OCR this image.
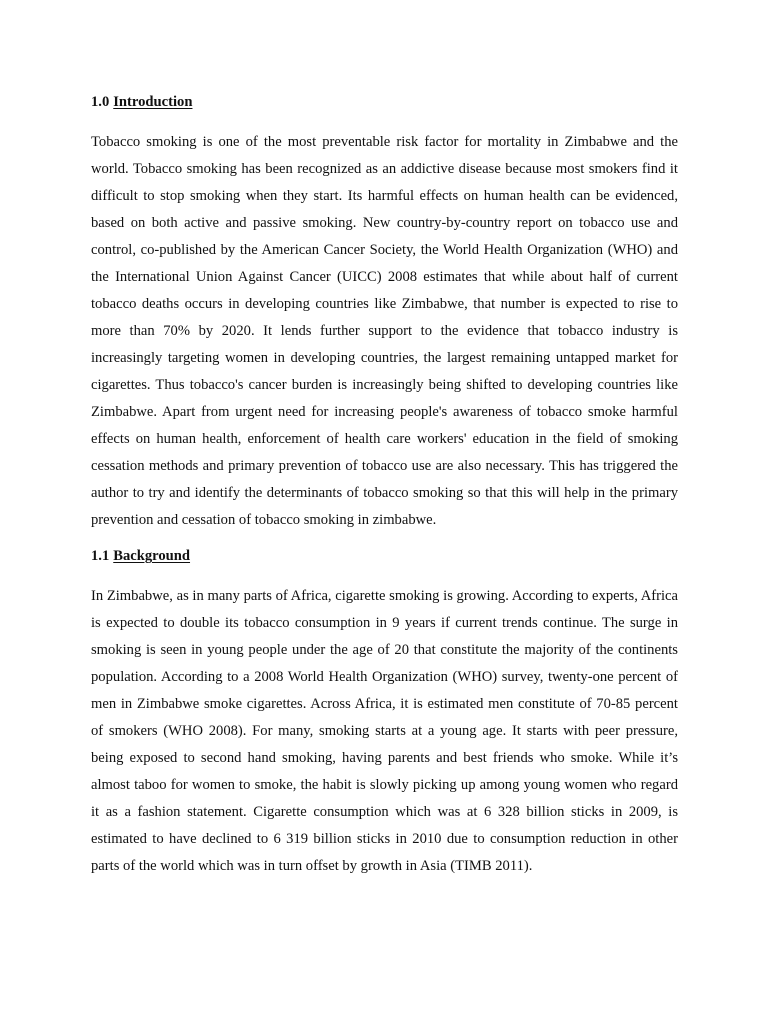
1.0 Introduction

Tobacco smoking is one of the most preventable risk factor for mortality in Zimbabwe and the world. Tobacco smoking has been recognized as an addictive disease because most smokers find it difficult to stop smoking when they start. Its harmful effects on human health can be evidenced, based on both active and passive smoking. New country-by-country report on tobacco use and control, co-published by the American Cancer Society, the World Health Organization (WHO) and the International Union Against Cancer (UICC) 2008 estimates that while about half of current tobacco deaths occurs in developing countries like Zimbabwe, that number is expected to rise to more than 70% by 2020. It lends further support to the evidence that tobacco industry is increasingly targeting women in developing countries, the largest remaining untapped market for cigarettes. Thus tobacco's cancer burden is increasingly being shifted to developing countries like Zimbabwe. Apart from urgent need for increasing people's awareness of tobacco smoke harmful effects on human health, enforcement of health care workers' education in the field of smoking cessation methods and primary prevention of tobacco use are also necessary. This has triggered the author to try and identify the determinants of tobacco smoking so that this will help in the primary prevention and cessation of tobacco smoking in zimbabwe.

1.1 Background

In Zimbabwe, as in many parts of Africa, cigarette smoking is growing. According to experts, Africa is expected to double its tobacco consumption in 9 years if current trends continue. The surge in smoking is seen in young people under the age of 20 that constitute the majority of the continents population. According to a 2008 World Health Organization (WHO) survey, twenty-one percent of men in Zimbabwe smoke cigarettes. Across Africa, it is estimated men constitute of 70-85 percent of smokers (WHO 2008). For many, smoking starts at a young age. It starts with peer pressure, being exposed to second hand smoking, having parents and best friends who smoke. While it’s almost taboo for women to smoke, the habit is slowly picking up among young women who regard it as a fashion statement. Cigarette consumption which was at 6 328 billion sticks in 2009, is estimated to have declined to 6 319 billion sticks in 2010 due to consumption reduction in other parts of the world which was in turn offset by growth in Asia (TIMB 2011).
